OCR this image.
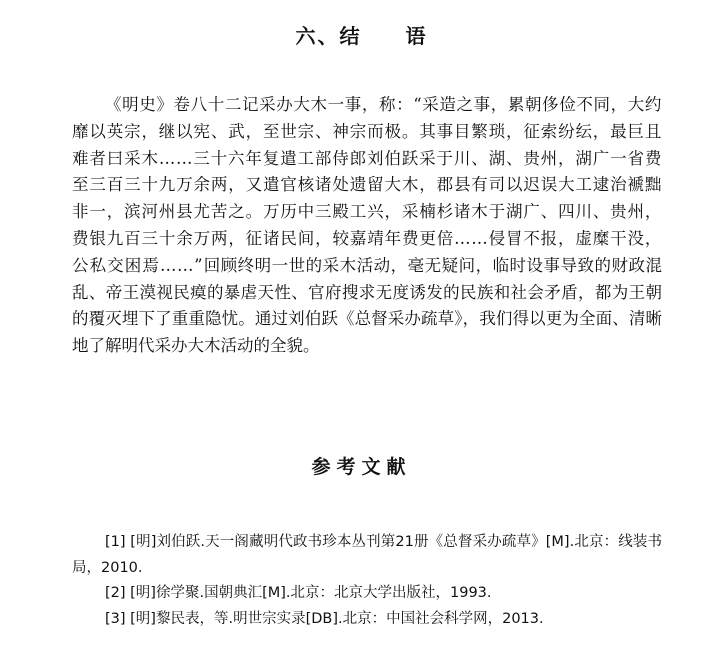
六、结　　语

《明史》卷八十二记采办大木一事，称：“采造之事，累朝侈俭不同，大约靡以英宗，继以宪、武，至世宗、神宗而极。其事目繁琐，征索纷纭，最巨且难者曰采木……三十六年复遣工部侍郎刘伯跃采于川、湖、贵州，湖广一省费至三百三十九万余两，又遣官核诸处遗留大木，郡县有司以迟误大工逮治褫黜非一，滨河州县尤苦之。万历中三殿工兴，采楠杉诸木于湖广、四川、贵州，费银九百三十余万两，征诸民间，较嘉靖年费更倍……侵冒不报，虚糜干没，公私交困焉……”回顾终明一世的采木活动，毫无疑问，临时设事导致的财政混乱、帝王漠视民瘼的暴虐天性、官府搜求无度诱发的民族和社会矛盾，都为王朝的覆灭埋下了重重隐忧。通过刘伯跃《总督采办疏草》，我们得以更为全面、清晰地了解明代采办大木活动的全貌。

参考文献
[1] [明]刘伯跃.天一阁藏明代政书珍本丛刊第21册《总督采办疏草》[M].北京：线装书局，2010.
[2] [明]徐学聚.国朝典汇[M].北京：北京大学出版社，1993.
[3] [明]黎民表，等.明世宗实录[DB].北京：中国社会科学网，2013.
